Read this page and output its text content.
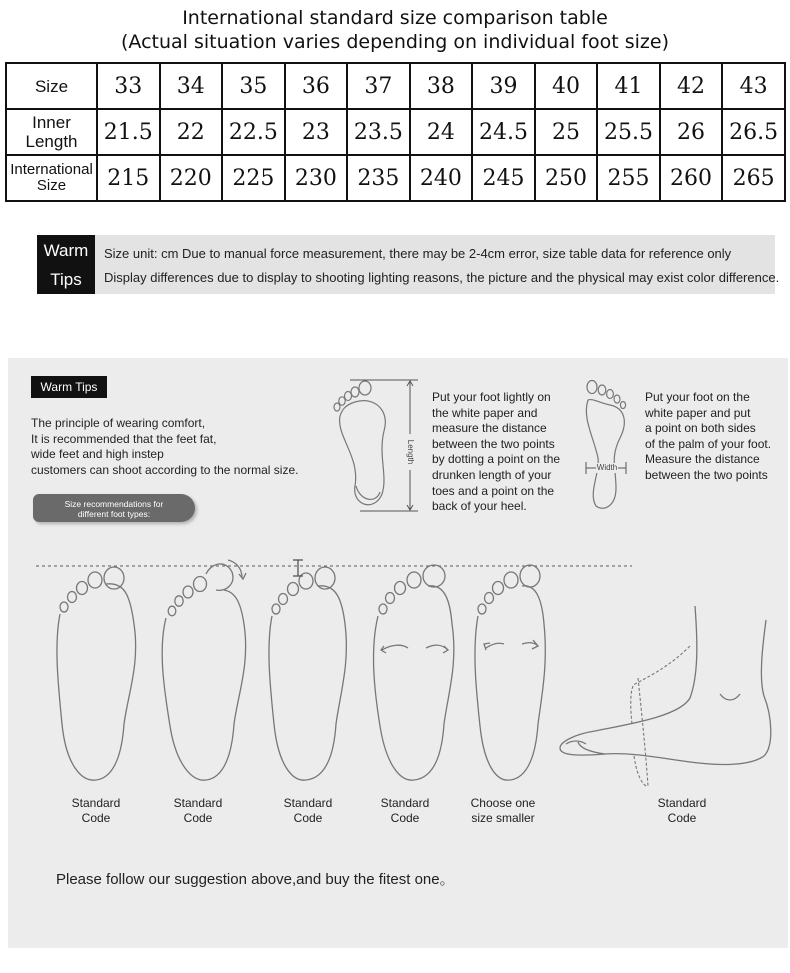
International standard size comparison table
(Actual situation varies depending on individual foot size)
Size	33	34	35	36	37	38	39	40	41	42	43
Inner Length	21.5	22	22.5	23	23.5	24	24.5	25	25.5	26	26.5
International Size	215	220	225	230	235	240	245	250	255	260	265
Warm
Tips
Size unit: cm Due to manual force measurement, there may be 2-4cm error, size table data for reference only
Display differences due to display to shooting lighting reasons, the picture and the physical may exist color difference.
Warm Tips
The principle of wearing comfort,
It is recommended that the feet fat,
wide feet and high instep
customers can shoot according to the normal size.
Size recommendations for
different foot types:
Length
Put your foot lightly on
the white paper and
measure the distance
between the two points
by dotting a point on the
drunken length of your
toes and a point on the
back of your heel.
Width
Put your foot on the
white paper and put
a point on both sides
of the palm of your foot.
Measure the distance
between the two points
Standard
Code
Standard
Code
Standard
Code
Standard
Code
Choose one
size smaller
Standard
Code
Please follow our suggestion above,and buy the fitest one。
